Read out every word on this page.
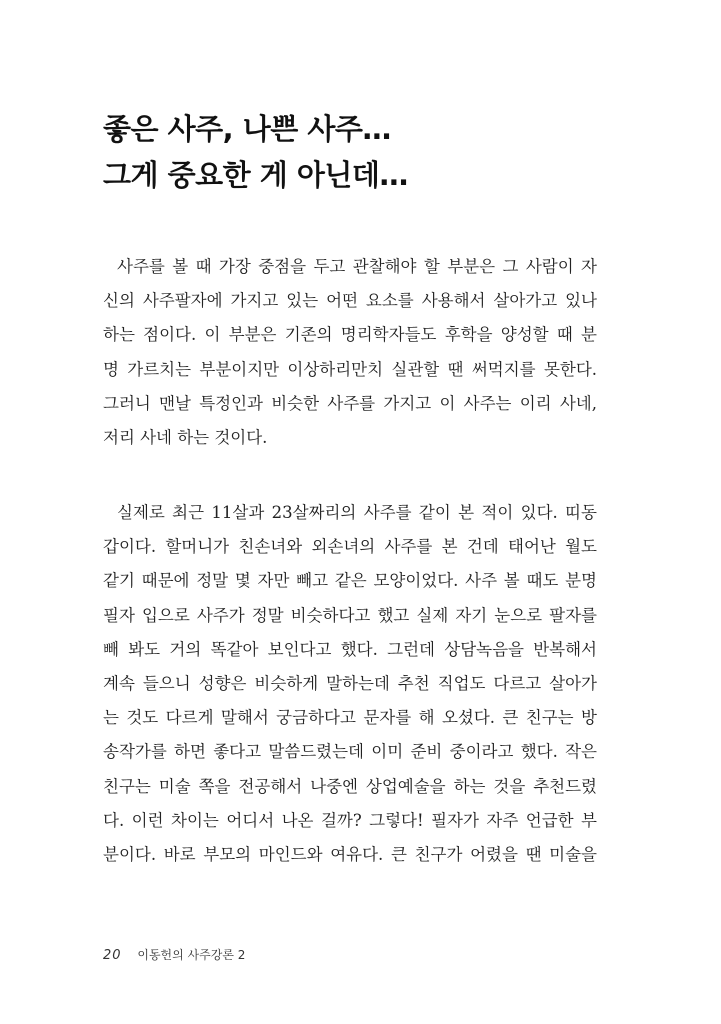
좋은 사주, 나쁜 사주…
그게 중요한 게 아닌데…
사주를 볼 때 가장 중점을 두고 관찰해야 할 부분은 그 사람이 자
신의 사주팔자에 가지고 있는 어떤 요소를 사용해서 살아가고 있나
하는 점이다. 이 부분은 기존의 명리학자들도 후학을 양성할 때 분
명 가르치는 부분이지만 이상하리만치 실관할 땐 써먹지를 못한다.
그러니 맨날 특정인과 비슷한 사주를 가지고 이 사주는 이리 사네,
저리 사네 하는 것이다.
실제로 최근 11살과 23살짜리의 사주를 같이 본 적이 있다. 띠동
갑이다. 할머니가 친손녀와 외손녀의 사주를 본 건데 태어난 월도
같기 때문에 정말 몇 자만 빼고 같은 모양이었다. 사주 볼 때도 분명
필자 입으로 사주가 정말 비슷하다고 했고 실제 자기 눈으로 팔자를
빼 봐도 거의 똑같아 보인다고 했다. 그런데 상담녹음을 반복해서
계속 들으니 성향은 비슷하게 말하는데 추천 직업도 다르고 살아가
는 것도 다르게 말해서 궁금하다고 문자를 해 오셨다. 큰 친구는 방
송작가를 하면 좋다고 말씀드렸는데 이미 준비 중이라고 했다. 작은
친구는 미술 쪽을 전공해서 나중엔 상업예술을 하는 것을 추천드렸
다. 이런 차이는 어디서 나온 걸까? 그렇다! 필자가 자주 언급한 부
분이다. 바로 부모의 마인드와 여유다. 큰 친구가 어렸을 땐 미술을
20 이동헌의 사주강론 2
